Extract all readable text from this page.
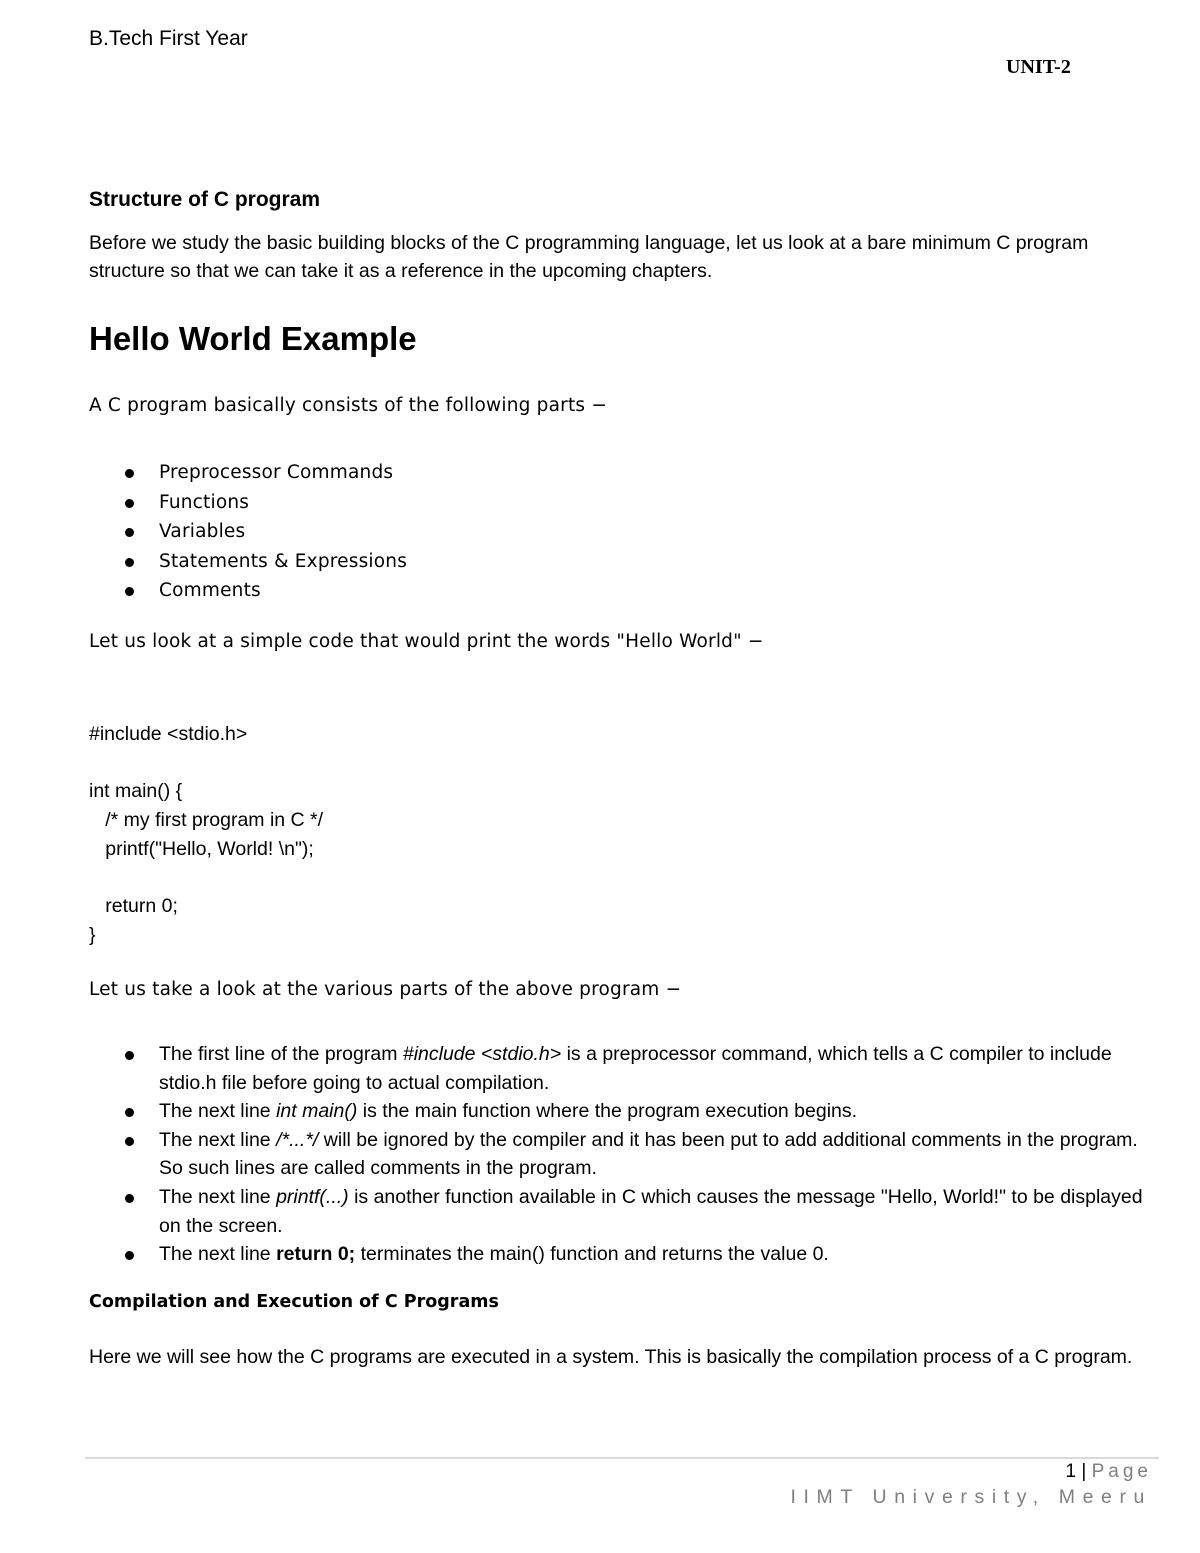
B.Tech First Year
UNIT-2
Structure of C program
Before we study the basic building blocks of the C programming language, let us look at a bare minimum C program structure so that we can take it as a reference in the upcoming chapters.
Hello World Example
A C program basically consists of the following parts −
Preprocessor Commands
Functions
Variables
Statements & Expressions
Comments
Let us look at a simple code that would print the words "Hello World" −
#include <stdio.h>

int main() {
/* my first program in C */
printf("Hello, World! \n");

return 0;
}
Let us take a look at the various parts of the above program −
The first line of the program #include <stdio.h> is a preprocessor command, which tells a C compiler to include stdio.h file before going to actual compilation.
The next line int main() is the main function where the program execution begins.
The next line /*...*/ will be ignored by the compiler and it has been put to add additional comments in the program. So such lines are called comments in the program.
The next line printf(...) is another function available in C which causes the message "Hello, World!" to be displayed on the screen.
The next line return 0; terminates the main() function and returns the value 0.
Compilation and Execution of C Programs
Here we will see how the C programs are executed in a system. This is basically the compilation process of a C program.
1 | Page
IIMT University, Meeru
